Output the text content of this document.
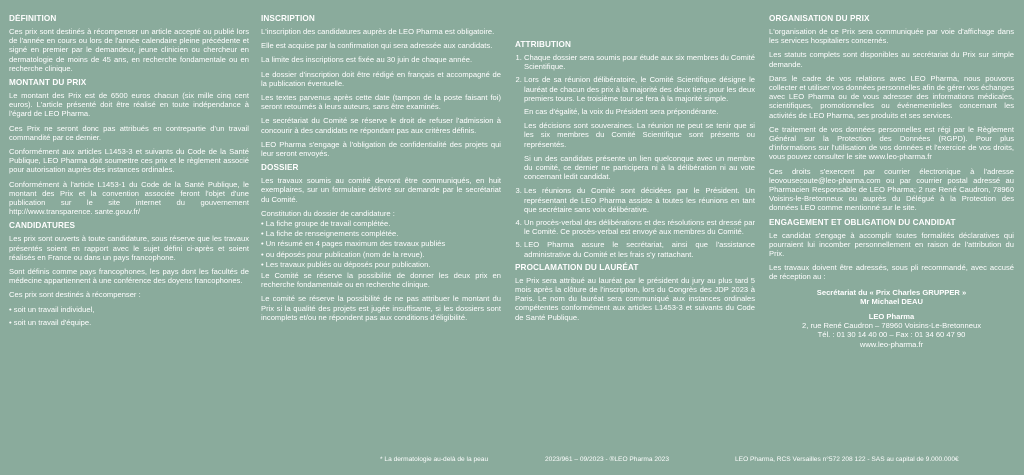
DÉFINITION

Ces prix sont destinés à récompenser un article accepté ou publié lors de l'année en cours ou lors de l'année calendaire pleine précédente et signé en premier par le demandeur, jeune clinicien ou chercheur en dermatologie de moins de 45 ans, en recherche fondamentale ou en recherche clinique.

MONTANT DU PRIX

Le montant des Prix est de 6500 euros chacun (six mille cinq cent euros). L'article présenté doit être réalisé en toute indépendance à l'égard de LEO Pharma.

Ces Prix ne seront donc pas attribués en contrepartie d'un travail commandité par ce dernier.

Conformément aux articles L1453-3 et suivants du Code de la Santé Publique, LEO Pharma doit soumettre ces prix et le règlement associé pour autorisation auprès des instances ordinales.

Conformément à l'article L1453-1 du Code de la Santé Publique, le montant des Prix et la convention associée feront l'objet d'une publication sur le site internet du gouvernement http://www.transparence. sante.gouv.fr/

CANDIDATURES

Les prix sont ouverts à toute candidature, sous réserve que les travaux présentés soient en rapport avec le sujet défini ci-après et soient réalisés en France ou dans un pays francophone.

Sont définis comme pays francophones, les pays dont les facultés de médecine appartiennent à une conférence des doyens francophones.

Ces prix sont destinés à récompenser :

• soit un travail individuel,
• soit un travail d'équipe.
INSCRIPTION

L'inscription des candidatures auprès de LEO Pharma est obligatoire.

Elle est acquise par la confirmation qui sera adressée aux candidats.

La limite des inscriptions est fixée au 30 juin de chaque année.

Le dossier d'inscription doit être rédigé en français et accompagné de la publication éventuelle.

Les textes parvenus après cette date (tampon de la poste faisant foi) seront retournés à leurs auteurs, sans être examinés.

Le secrétariat du Comité se réserve le droit de refuser l'admission à concourir à des candidats ne répondant pas aux critères définis.

LEO Pharma s'engage à l'obligation de confidentialité des projets qui leur seront envoyés.

DOSSIER

Les travaux soumis au comité devront être communiqués, en huit exemplaires, sur un formulaire délivré sur demande par le secrétariat du Comité.

Constitution du dossier de candidature :

• La fiche groupe de travail complétée.
• La fiche de renseignements complétée.
• Un résumé en 4 pages maximum des travaux publiés
• ou déposés pour publication (nom de la revue).
• Les travaux publiés ou déposés pour publication.

Le Comité se réserve la possibilité de donner les deux prix en recherche fondamentale ou en recherche clinique.

Le comité se réserve la possibilité de ne pas attribuer le montant du Prix si la qualité des projets est jugée insuffisante, si les dossiers sont incomplets et/ou ne répondent pas aux conditions d'éligibilité.

ATTRIBUTION
1. Chaque dossier sera soumis pour étude aux six membres du Comité Scientifique.
2. Lors de sa réunion délibératoire, le Comité Scientifique désigne le lauréat de chacun des prix à la majorité des deux tiers pour les deux premiers tours. Le troisième tour se fera à la majorité simple.

En cas d'égalité, la voix du Président sera prépondérante.

Les décisions sont souveraines. La réunion ne peut se tenir que si les six membres du Comité Scientifique sont présents ou représentés.

Si un des candidats présente un lien quelconque avec un membre du comité, ce dernier ne participera ni à la délibération ni au vote concernant ledit candidat.

3. Les réunions du Comité sont décidées par le Président. Un représentant de LEO Pharma assiste à toutes les réunions en tant que secrétaire sans voix délibérative.
4. Un procès-verbal des délibérations et des résolutions est dressé par le Comité. Ce procès-verbal est envoyé aux membres du Comité.
5. LEO Pharma assure le secrétariat, ainsi que l'assistance administrative du Comité et les frais s'y rattachant.
PROCLAMATION DU LAURÉAT

Le Prix sera attribué au lauréat par le président du jury au plus tard 5 mois après la clôture de l'inscription, lors du Congrès des JDP 2023 à Paris. Le nom du lauréat sera communiqué aux instances ordinales compétentes conformément aux articles L1453-3 et suivants du Code de Santé Publique.

ORGANISATION DU PRIX

L'organisation de ce Prix sera communiquée par voie d'affichage dans les services hospitaliers concernés.

Les statuts complets sont disponibles au secrétariat du Prix sur simple demande.

Dans le cadre de vos relations avec LEO Pharma, nous pouvons collecter et utiliser vos données personnelles afin de gérer vos échanges avec LEO Pharma ou de vous adresser des informations médicales, scientifiques, promotionnelles ou événementielles concernant les activités de LEO Pharma, ses produits et ses services.

Ce traitement de vos données personnelles est régi par le Règlement Général sur la Protection des Données (RGPD). Pour plus d'informations sur l'utilisation de vos données et l'exercice de vos droits, vous pouvez consulter le site www.leo-pharma.fr

Ces droits s'exercent par courrier électronique à l'adresse leovousecoute@leo-pharma.com ou par courrier postal adressé au Pharmacien Responsable de LEO Pharma; 2 rue René Caudron, 78960 Voisins-le-Bretonneux ou auprès du Délégué à la Protection des données LEO comme mentionné sur le site.

ENGAGEMENT ET OBLIGATION DU CANDIDAT

Le candidat s'engage à accomplir toutes formalités déclaratives qui pourraient lui incomber personnellement en raison de l'attribution du Prix.

Les travaux doivent être adressés, sous pli recommandé, avec accusé de réception au :

Secrétariat du « Prix Charles GRUPPER »

Mr Michael DEAU

LEO Pharma

2, rue René Caudron – 78960 Voisins-Le-Bretonneux

Tél. : 01 30 14 40 00 – Fax : 01 34 60 47 90

www.leo-pharma.fr

* La dermatologie au-delà de la peau	2023/961 – 09/2023 - ®LEO Pharma 2023	LEO Pharma, RCS Versailles n°572 208 122 - SAS au capital de 9.000.000€
